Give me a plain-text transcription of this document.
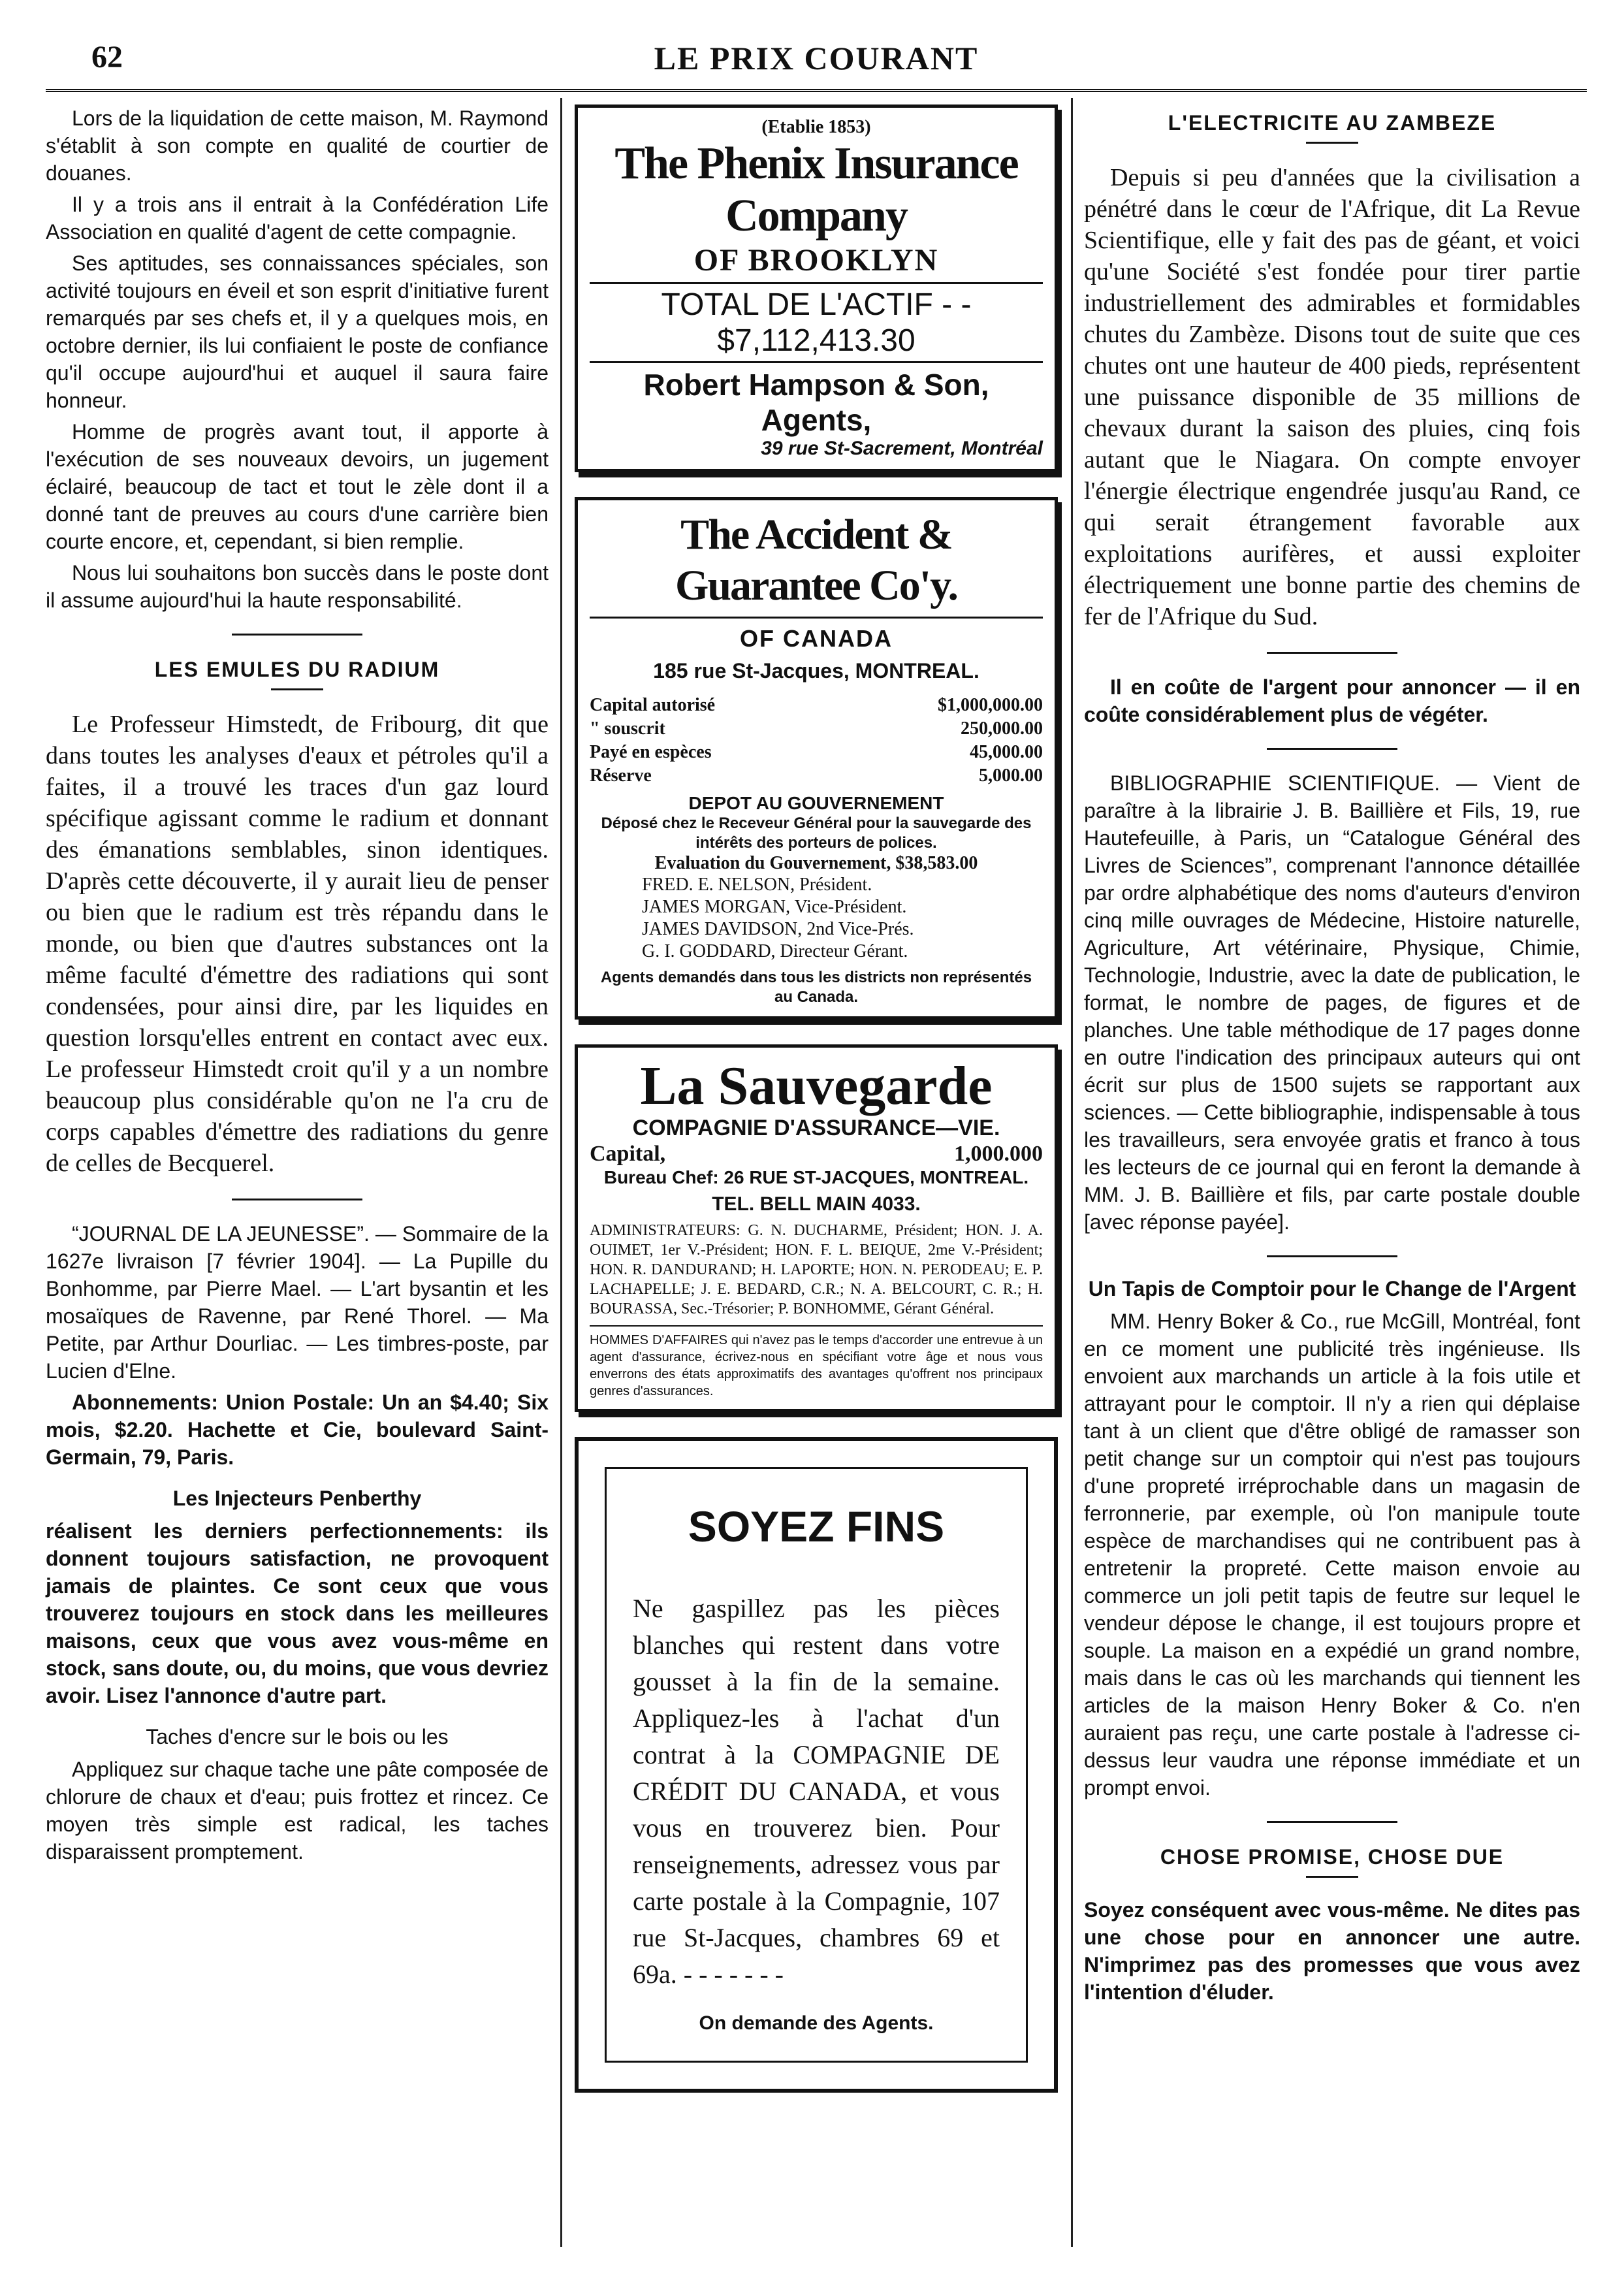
62	LE PRIX COURANT

Lors de la liquidation de cette maison, M. Raymond s'établit à son compte en qualité de courtier de douanes.

Il y a trois ans il entrait à la Confédération Life Association en qualité d'agent de cette compagnie.

Ses aptitudes, ses connaissances spéciales, son activité toujours en éveil et son esprit d'initiative furent remarqués par ses chefs et, il y a quelques mois, en octobre dernier, ils lui confiaient le poste de confiance qu'il occupe aujourd'hui et auquel il saura faire honneur.

Homme de progrès avant tout, il apporte à l'exécution de ses nouveaux devoirs, un jugement éclairé, beaucoup de tact et tout le zèle dont il a donné tant de preuves au cours d'une carrière bien courte encore, et, cependant, si bien remplie.

Nous lui souhaitons bon succès dans le poste dont il assume aujourd'hui la haute responsabilité.

LES EMULES DU RADIUM

Le Professeur Himstedt, de Fribourg, dit que dans toutes les analyses d'eaux et pétroles qu'il a faites, il a trouvé les traces d'un gaz lourd spécifique agissant comme le radium et donnant des émanations semblables, sinon identiques. D'après cette découverte, il y aurait lieu de penser ou bien que le radium est très répandu dans le monde, ou bien que d'autres substances ont la même faculté d'émettre des radiations qui sont condensées, pour ainsi dire, par les liquides en question lorsqu'elles entrent en contact avec eux. Le professeur Himstedt croit qu'il y a un nombre beaucoup plus considérable qu'on ne l'a cru de corps capables d'émettre des radiations du genre de celles de Becquerel.

“JOURNAL DE LA JEUNESSE”. — Sommaire de la 1627e livraison [7 février 1904]. — La Pupille du Bonhomme, par Pierre Mael. — L'art bysantin et les mosaïques de Ravenne, par René Thorel. — Ma Petite, par Arthur Dourliac. — Les timbres-poste, par Lucien d'Elne.

Abonnements: Union Postale: Un an $4.40; Six mois, $2.20. Hachette et Cie, boulevard Saint-Germain, 79, Paris.

Les Injecteurs Penberthy

réalisent les derniers perfectionnements: ils donnent toujours satisfaction, ne provoquent jamais de plaintes. Ce sont ceux que vous trouverez toujours en stock dans les meilleures maisons, ceux que vous avez vous-même en stock, sans doute, ou, du moins, que vous devriez avoir. Lisez l'annonce d'autre part.

Taches d'encre sur le bois ou les

Appliquez sur chaque tache une pâte composée de chlorure de chaux et d'eau; puis frottez et rincez. Ce moyen très simple est radical, les taches disparaissent promptement.

(Etablie 1853)
The Phenix Insurance Company
OF BROOKLYN
TOTAL DE L'ACTIF - - $7,112,413.30
Robert Hampson & Son, Agents,
39 rue St-Sacrement, Montréal
The Accident & Guarantee Co'y.
OF CANADA
185 rue St-Jacques, MONTREAL.
Capital autorisé	$1,000,000.00
" souscrit	250,000.00
Payé en espèces	45,000.00
Réserve	5,000.00
DEPOT AU GOUVERNEMENT
Déposé chez le Receveur Général pour la sauvegarde des intérêts des porteurs de polices.
Evaluation du Gouvernement, $38,583.00
FRED. E. NELSON, Président.
JAMES MORGAN, Vice-Président.
JAMES DAVIDSON, 2nd Vice-Prés.
G. I. GODDARD, Directeur Gérant.
Agents demandés dans tous les districts non représentés au Canada.
La Sauvegarde
COMPAGNIE D'ASSURANCE—VIE.
Capital,	1,000.000
Bureau Chef: 26 RUE ST-JACQUES, MONTREAL.
TEL. BELL MAIN 4033.
ADMINISTRATEURS: G. N. DUCHARME, Président; HON. J. A. OUIMET, 1er V.-Président; HON. F. L. BEIQUE, 2me V.-Président; HON. R. DANDURAND; H. LAPORTE; HON. N. PERODEAU; E. P. LACHAPELLE; J. E. BEDARD, C.R.; N. A. BELCOURT, C. R.; H. BOURASSA, Sec.-Trésorier; P. BONHOMME, Gérant Général.
HOMMES D'AFFAIRES qui n'avez pas le temps d'accorder une entrevue à un agent d'assurance, écrivez-nous en spécifiant votre âge et nous vous enverrons des états approximatifs des avantages qu'offrent nos principaux genres d'assurances.
SOYEZ FINS
Ne gaspillez pas les pièces blanches qui restent dans votre gousset à la fin de la semaine. Appliquez-les à l'achat d'un contrat à la COMPAGNIE DE CRÉDIT DU CANADA, et vous vous en trouverez bien. Pour renseignements, adressez vous par carte postale à la Compagnie, 107 rue St-Jacques, chambres 69 et 69a. - - - - - - -
On demande des Agents.
L'ELECTRICITE AU ZAMBEZE

Depuis si peu d'années que la civilisation a pénétré dans le cœur de l'Afrique, dit La Revue Scientifique, elle y fait des pas de géant, et voici qu'une Société s'est fondée pour tirer partie industriellement des admirables et formidables chutes du Zambèze. Disons tout de suite que ces chutes ont une hauteur de 400 pieds, représentent une puissance disponible de 35 millions de chevaux durant la saison des pluies, cinq fois autant que le Niagara. On compte envoyer l'énergie électrique engendrée jusqu'au Rand, ce qui serait étrangement favorable aux exploitations aurifères, et aussi exploiter électriquement une bonne partie des chemins de fer de l'Afrique du Sud.

Il en coûte de l'argent pour annoncer — il en coûte considérablement plus de végéter.

BIBLIOGRAPHIE SCIENTIFIQUE. — Vient de paraître à la librairie J. B. Baillière et Fils, 19, rue Hautefeuille, à Paris, un “Catalogue Général des Livres de Sciences”, comprenant l'annonce détaillée par ordre alphabétique des noms d'auteurs d'environ cinq mille ouvrages de Médecine, Histoire naturelle, Agriculture, Art vétérinaire, Physique, Chimie, Technologie, Industrie, avec la date de publication, le format, le nombre de pages, de figures et de planches. Une table méthodique de 17 pages donne en outre l'indication des principaux auteurs qui ont écrit sur plus de 1500 sujets se rapportant aux sciences. — Cette bibliographie, indispensable à tous les travailleurs, sera envoyée gratis et franco à tous les lecteurs de ce journal qui en feront la demande à MM. J. B. Baillière et fils, par carte postale double [avec réponse payée].

Un Tapis de Comptoir pour le Change de l'Argent

MM. Henry Boker & Co., rue McGill, Montréal, font en ce moment une publicité très ingénieuse. Ils envoient aux marchands un article à la fois utile et attrayant pour le comptoir. Il n'y a rien qui déplaise tant à un client que d'être obligé de ramasser son petit change sur un comptoir qui n'est pas toujours d'une propreté irréprochable dans un magasin de ferronnerie, par exemple, où l'on manipule toute espèce de marchandises qui ne contribuent pas à entretenir la propreté. Cette maison envoie au commerce un joli petit tapis de feutre sur lequel le vendeur dépose le change, il est toujours propre et souple. La maison en a expédié un grand nombre, mais dans le cas où les marchands qui tiennent les articles de la maison Henry Boker & Co. n'en auraient pas reçu, une carte postale à l'adresse ci-dessus leur vaudra une réponse immédiate et un prompt envoi.

CHOSE PROMISE, CHOSE DUE

Soyez conséquent avec vous-même. Ne dites pas une chose pour en annoncer une autre. N'imprimez pas des promesses que vous avez l'intention d'éluder.
